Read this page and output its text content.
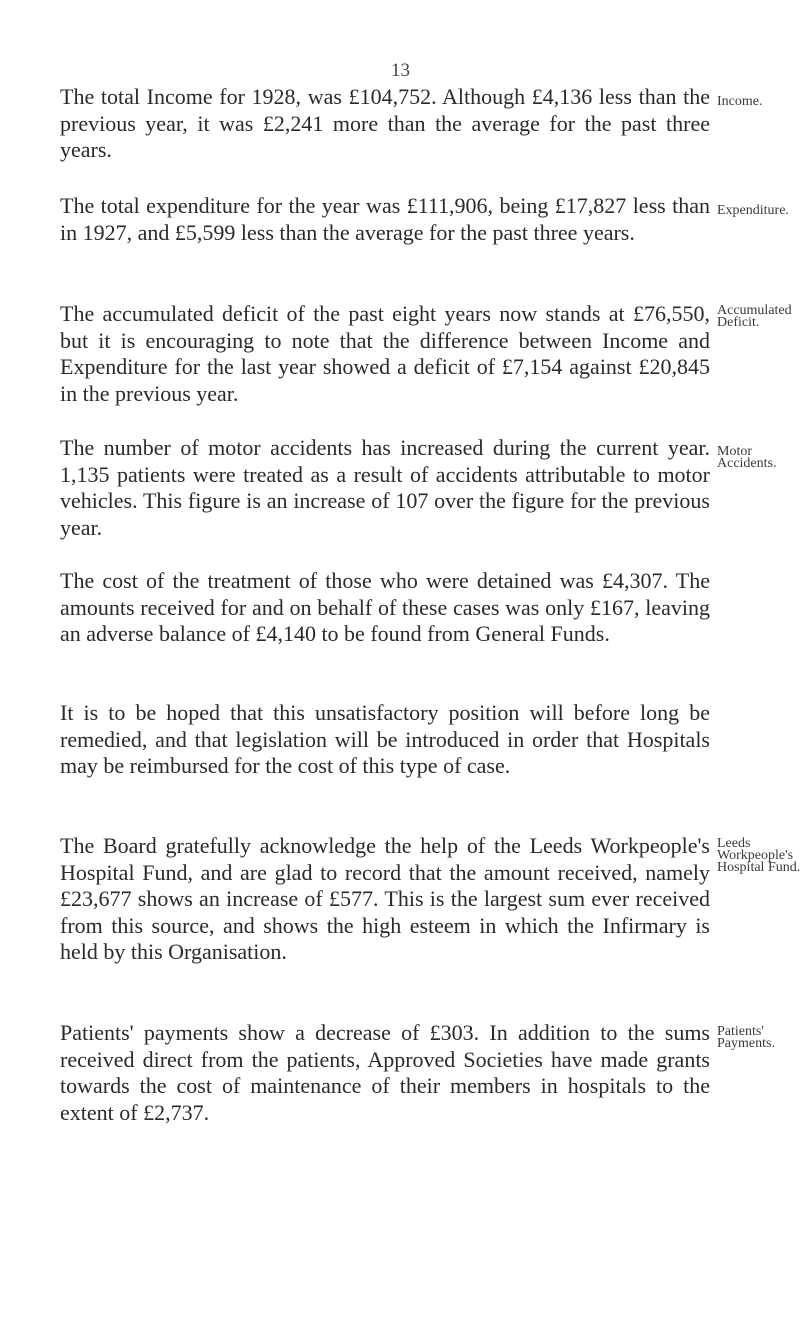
13

The total Income for 1928, was £104,752. Although £4,136 less than the previous year, it was £2,241 more than the average for the past three years.

Income.

The total expenditure for the year was £111,906, being £17,827 less than in 1927, and £5,599 less than the average for the past three years.

Expenditure.

The accumulated deficit of the past eight years now stands at £76,550, but it is encouraging to note that the difference between Income and Expenditure for the last year showed a deficit of £7,154 against £20,845 in the previous year.

Accumulated
Deficit.

The number of motor accidents has increased during the current year. 1,135 patients were treated as a result of accidents attributable to motor vehicles. This figure is an increase of 107 over the figure for the previous year.

Motor Accidents.

The cost of the treatment of those who were detained was £4,307. The amounts received for and on behalf of these cases was only £167, leaving an adverse balance of £4,140 to be found from General Funds.

It is to be hoped that this unsatisfactory position will before long be remedied, and that legislation will be introduced in order that Hospitals may be reimbursed for the cost of this type of case.

The Board gratefully acknowledge the help of the Leeds Workpeople's Hospital Fund, and are glad to record that the amount received, namely £23,677 shows an increase of £577. This is the largest sum ever received from this source, and shows the high esteem in which the Infirmary is held by this Organisation.

Leeds
Workpeople's
Hospital Fund.

Patients' payments show a decrease of £303. In addition to the sums received direct from the patients, Approved Societies have made grants towards the cost of maintenance of their members in hospitals to the extent of £2,737.

Patients'
Payments.
